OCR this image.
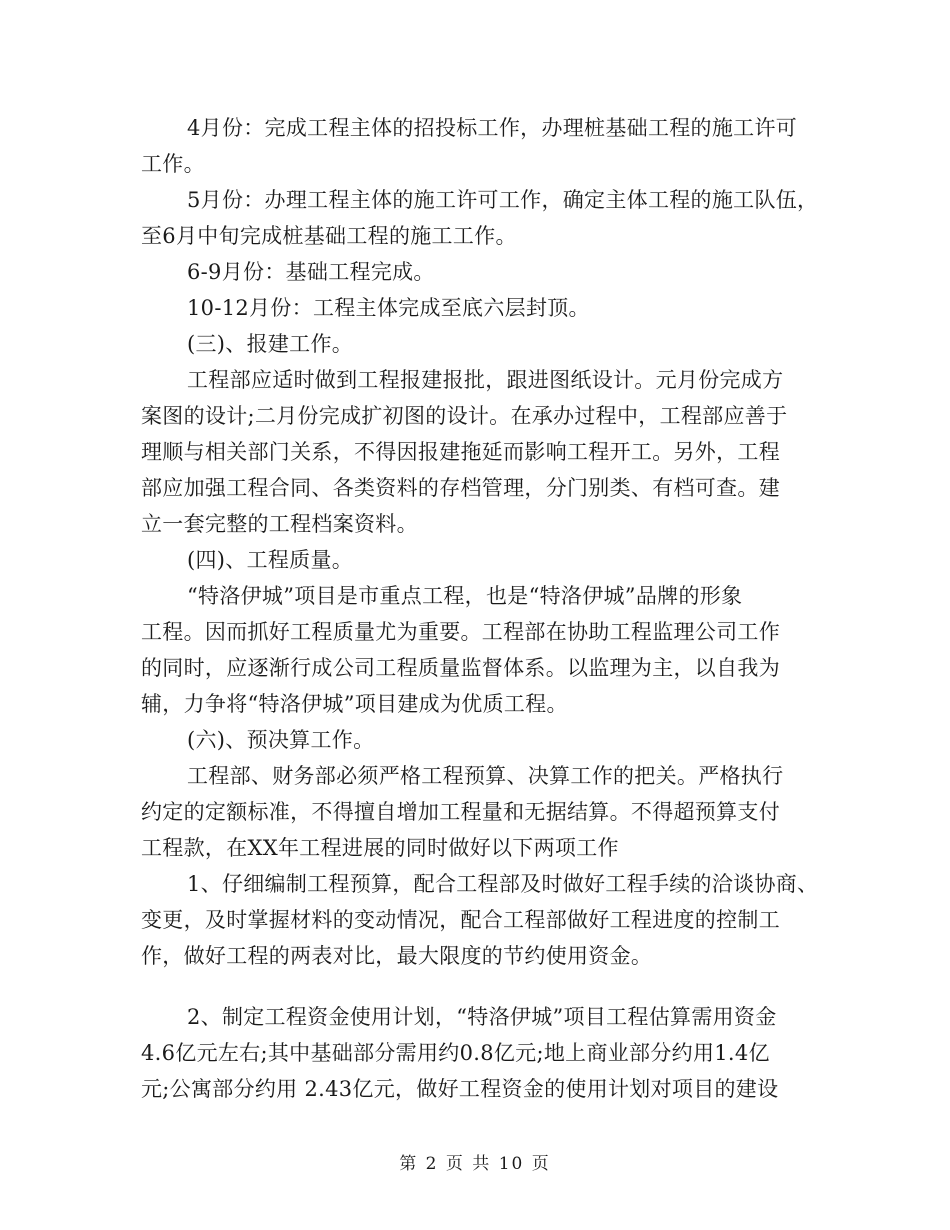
4月份：完成工程主体的招投标工作，办理桩基础工程的施工许可
工作。
5月份：办理工程主体的施工许可工作，确定主体工程的施工队伍，
至6月中旬完成桩基础工程的施工工作。
6-9月份：基础工程完成。
10-12月份：工程主体完成至底六层封顶。
(三)、报建工作。
工程部应适时做到工程报建报批，跟进图纸设计。元月份完成方
案图的设计;二月份完成扩初图的设计。在承办过程中，工程部应善于
理顺与相关部门关系，不得因报建拖延而影响工程开工。另外，工程
部应加强工程合同、各类资料的存档管理，分门别类、有档可查。建
立一套完整的工程档案资料。
(四)、工程质量。
“特洛伊城”项目是市重点工程，也是“特洛伊城”品牌的形象
工程。因而抓好工程质量尤为重要。工程部在协助工程监理公司工作
的同时，应逐渐行成公司工程质量监督体系。以监理为主，以自我为
辅，力争将“特洛伊城”项目建成为优质工程。
(六)、预决算工作。
工程部、财务部必须严格工程预算、决算工作的把关。严格执行
约定的定额标准，不得擅自增加工程量和无据结算。不得超预算支付
工程款，在XX年工程进展的同时做好以下两项工作
1、仔细编制工程预算，配合工程部及时做好工程手续的洽谈协商、
变更，及时掌握材料的变动情况，配合工程部做好工程进度的控制工
作，做好工程的两表对比，最大限度的节约使用资金。
2、制定工程资金使用计划，“特洛伊城”项目工程估算需用资金
4.6亿元左右;其中基础部分需用约0.8亿元;地上商业部分约用1.4亿
元;公寓部分约用 2.43亿元，做好工程资金的使用计划对项目的建设
第 2 页 共 10 页
